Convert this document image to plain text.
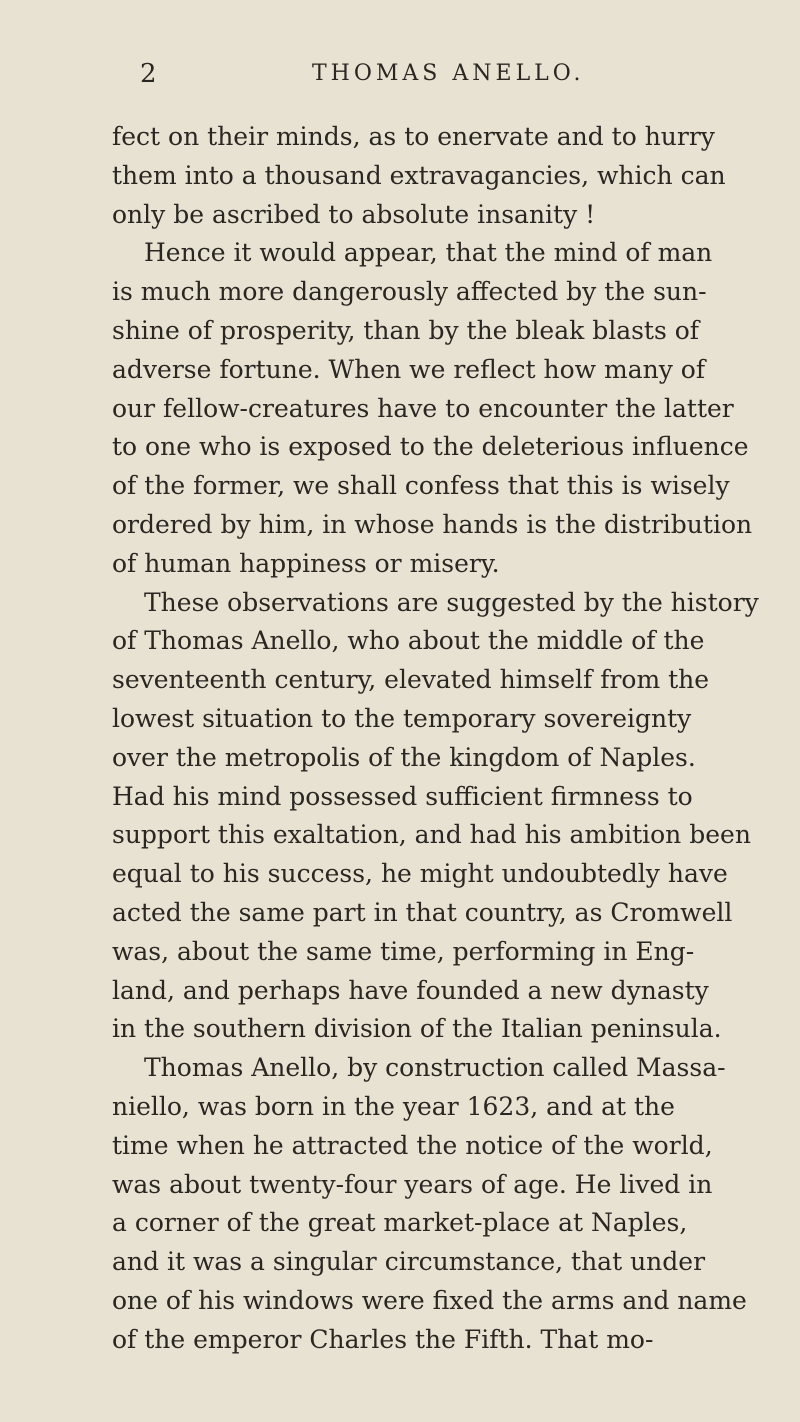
2	THOMAS ANELLO.
fect on their minds, as to enervate and to hurry
them into a thousand extravagancies, which can
only be ascribed to absolute insanity !
Hence it would appear, that the mind of man
is much more dangerously affected by the sun-
shine of prosperity, than by the bleak blasts of
adverse fortune. When we reflect how many of
our fellow-creatures have to encounter the latter
to one who is exposed to the deleterious influence
of the former, we shall confess that this is wisely
ordered by him, in whose hands is the distribution
of human happiness or misery.
These observations are suggested by the history
of Thomas Anello, who about the middle of the
seventeenth century, elevated himself from the
lowest situation to the temporary sovereignty
over the metropolis of the kingdom of Naples.
Had his mind possessed sufficient firmness to
support this exaltation, and had his ambition been
equal to his success, he might undoubtedly have
acted the same part in that country, as Cromwell
was, about the same time, performing in Eng-
land, and perhaps have founded a new dynasty
in the southern division of the Italian peninsula.
Thomas Anello, by construction called Massa-
niello, was born in the year 1623, and at the
time when he attracted the notice of the world,
was about twenty-four years of age. He lived in
a corner of the great market-place at Naples,
and it was a singular circumstance, that under
one of his windows were fixed the arms and name
of the emperor Charles the Fifth. That mo-
